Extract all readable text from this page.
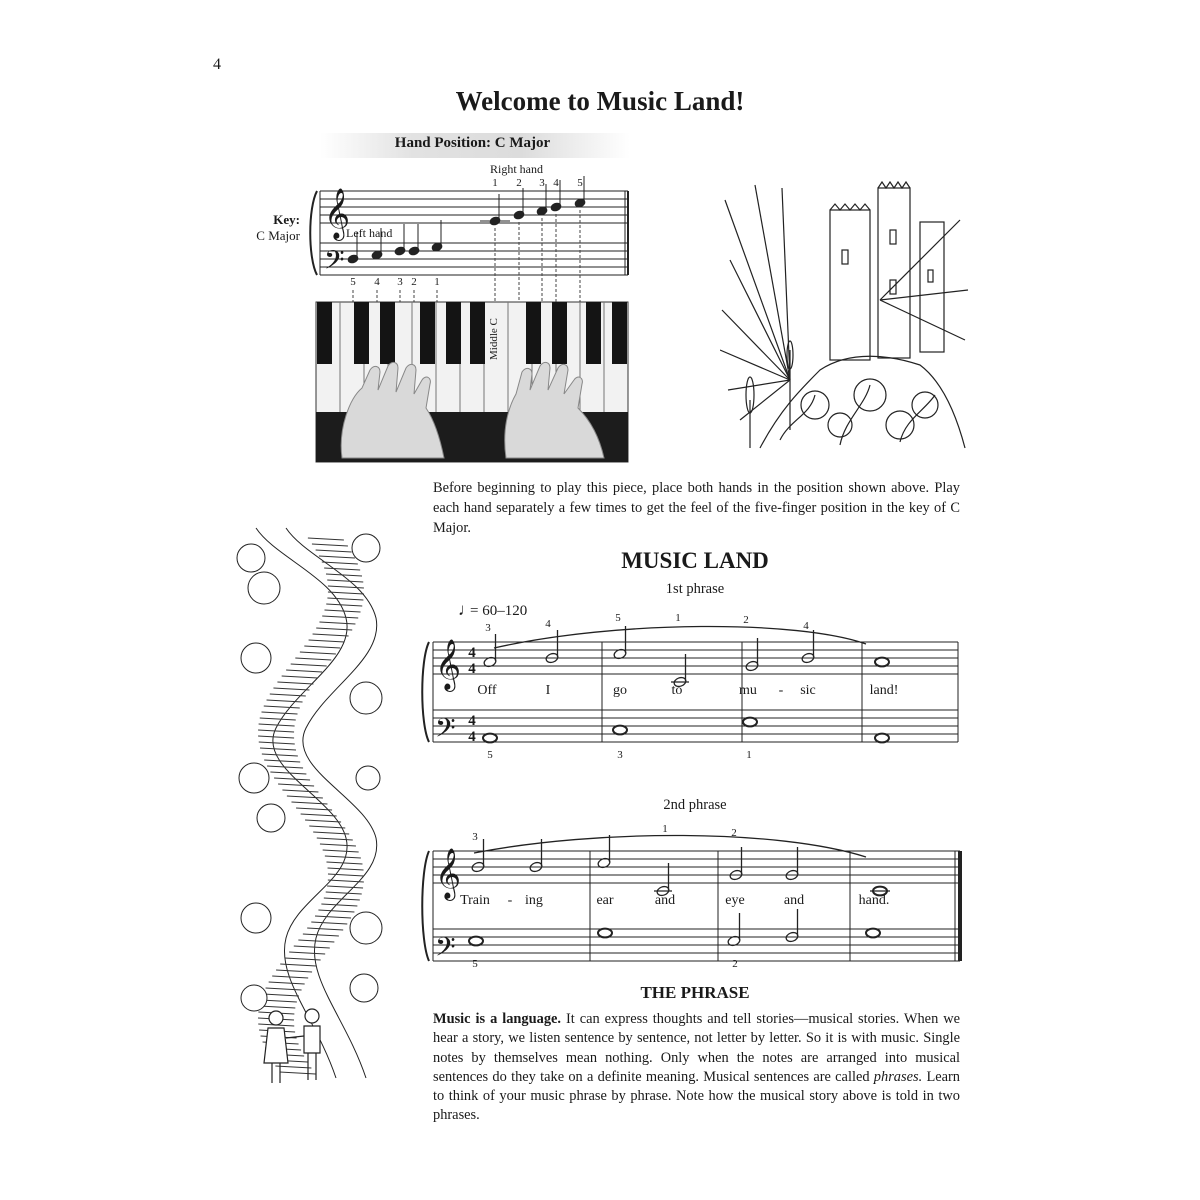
4
Welcome to Music Land!
Hand Position: C Major
Key:
C Major 𝄞
𝄢
Left hand
Right hand
1 2 3 4 5
5 4 3 2 1
Middle C
Before beginning to play this piece, place both hands in the position shown above. Play each hand separately a few times to get the feel of the five-finger position in the key of C Major.
MUSIC LAND
1st phrase
♩
= 60–120
𝄞
𝄢
4
4
4
4
3	4	5	1	2	4
Off	I	go	to	mu - sic	land!
5	3	1
2nd phrase
𝄞
𝄢
3
1	2
Train - ing	ear	and	eye	and	hand.
5	2
THE PHRASE
Music is a language. It can express thoughts and tell stories—musical stories. When we hear a story, we listen sentence by sentence, not letter by letter. So it is with music. Single notes by themselves mean nothing. Only when the notes are arranged into musical sentences do they take on a definite meaning. Musical sentences are called phrases. Learn to think of your music phrase by phrase. Note how the musical story above is told in two phrases.
